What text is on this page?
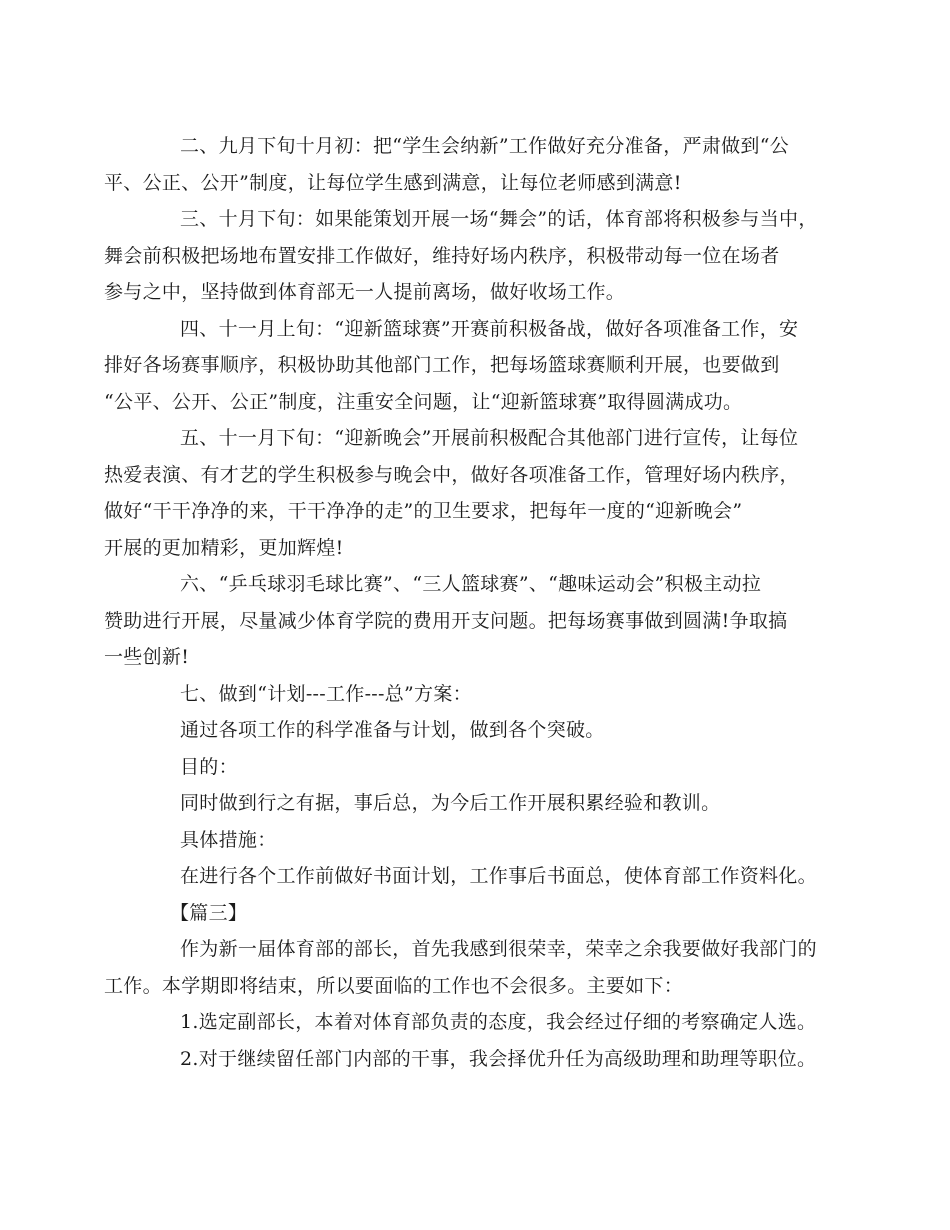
二、九月下旬十月初：把“学生会纳新”工作做好充分准备，严肃做到“公
平、公正、公开”制度，让每位学生感到满意，让每位老师感到满意!

三、十月下旬：如果能策划开展一场“舞会”的话，体育部将积极参与当中，
舞会前积极把场地布置安排工作做好，维持好场内秩序，积极带动每一位在场者
参与之中，坚持做到体育部无一人提前离场，做好收场工作。

四、十一月上旬：“迎新篮球赛”开赛前积极备战，做好各项准备工作，安
排好各场赛事顺序，积极协助其他部门工作，把每场篮球赛顺利开展，也要做到
“公平、公开、公正”制度，注重安全问题，让“迎新篮球赛”取得圆满成功。

五、十一月下旬：“迎新晚会”开展前积极配合其他部门进行宣传，让每位
热爱表演、有才艺的学生积极参与晚会中，做好各项准备工作，管理好场内秩序，
做好“干干净净的来，干干净净的走”的卫生要求，把每年一度的“迎新晚会”
开展的更加精彩，更加辉煌!

六、“乒乓球羽毛球比赛”、“三人篮球赛”、“趣味运动会”积极主动拉
赞助进行开展，尽量减少体育学院的费用开支问题。把每场赛事做到圆满!争取搞
一些创新!

七、做到“计划---工作---总”方案：

通过各项工作的科学准备与计划，做到各个突破。

目的：

同时做到行之有据，事后总，为今后工作开展积累经验和教训。

具体措施：

在进行各个工作前做好书面计划，工作事后书面总，使体育部工作资料化。

【篇三】

作为新一届体育部的部长，首先我感到很荣幸，荣幸之余我要做好我部门的
工作。本学期即将结束，所以要面临的工作也不会很多。主要如下：

1.选定副部长，本着对体育部负责的态度，我会经过仔细的考察确定人选。

2.对于继续留任部门内部的干事，我会择优升任为高级助理和助理等职位。
